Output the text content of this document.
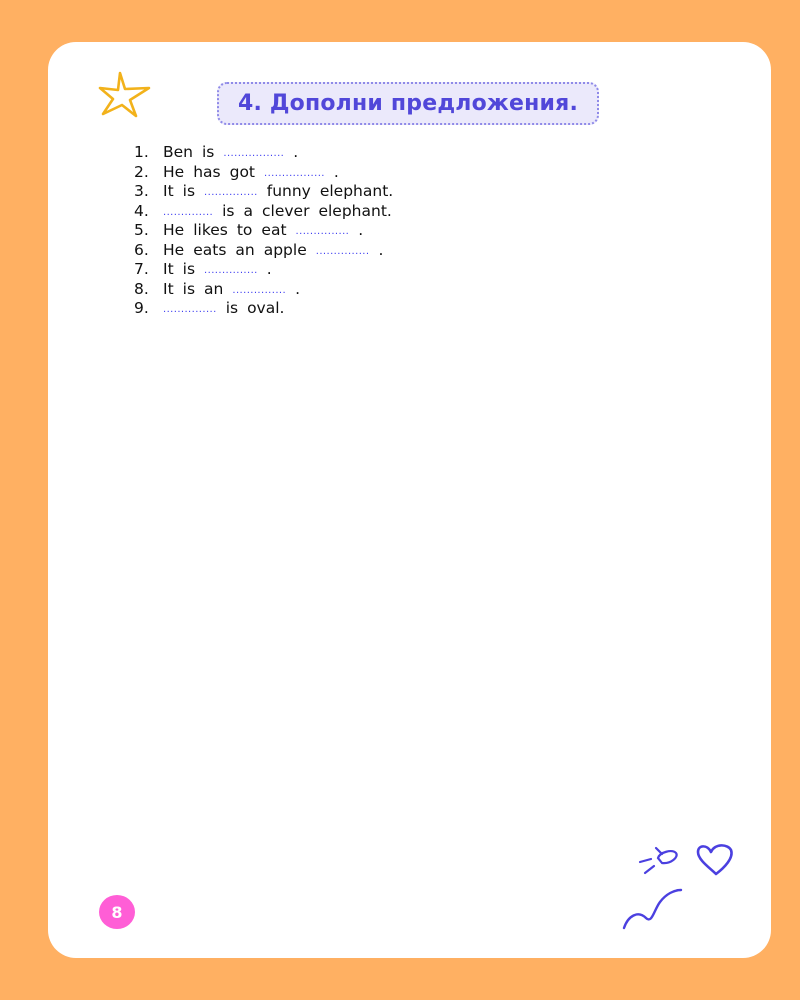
4. Дополни предложения.
1. Ben is ................. .
2. He has got ................. .
3. It is ............... funny elephant.
4.	.............. is a clever elephant.
5. He likes to eat ............... .
6. He eats an apple ............... .
7. It is ............... .
8. It is an ............... .
9.	............... is oval.
8
